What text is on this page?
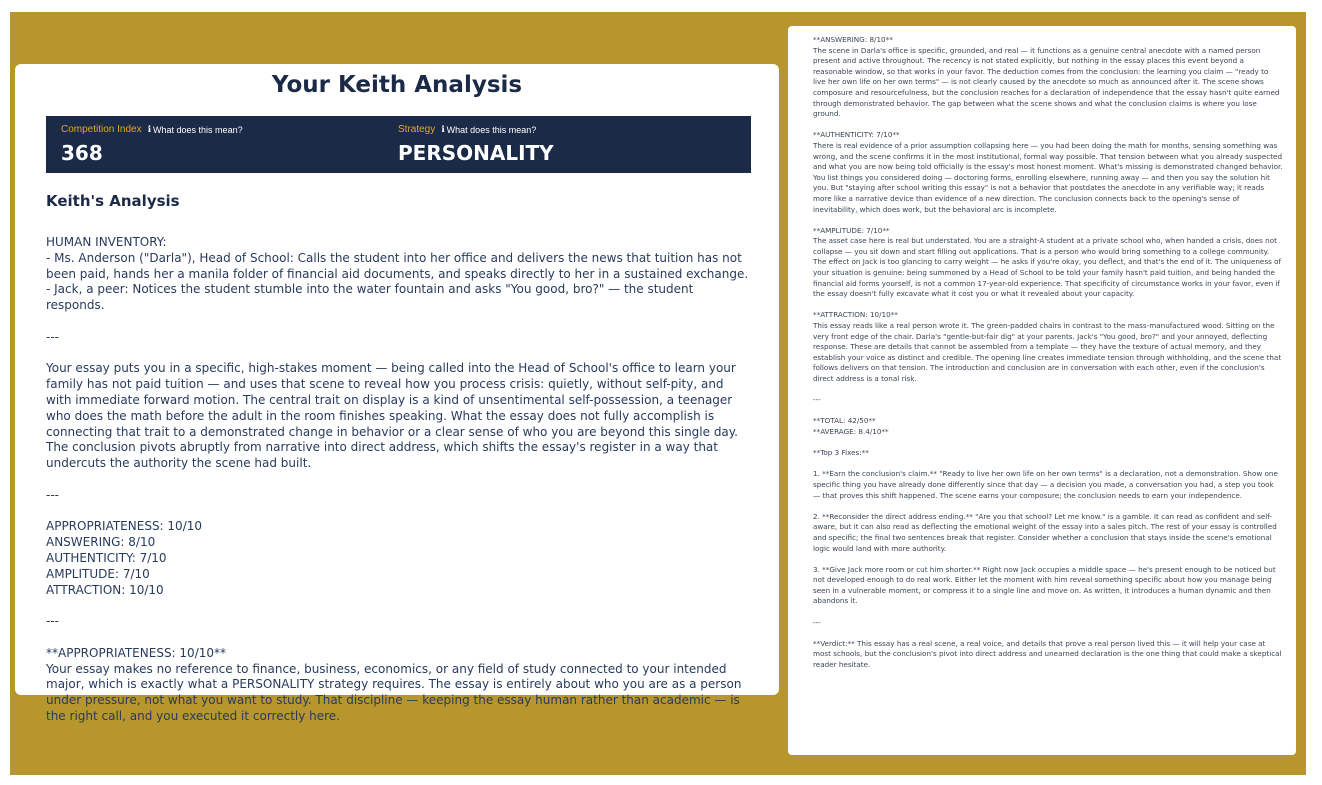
Your Keith Analysis
Competition Index ℹ What does this mean?
368
Strategy ℹ What does this mean?
PERSONALITY
Keith's Analysis

HUMAN INVENTORY:

- Ms. Anderson ("Darla"), Head of School: Calls the student into her office and delivers the news that tuition has not been paid, hands her a manila folder of financial aid documents, and speaks directly to her in a sustained exchange.

- Jack, a peer: Notices the student stumble into the water fountain and asks "You good, bro?" — the student responds.

---

Your essay puts you in a specific, high-stakes moment — being called into the Head of School's office to learn your family has not paid tuition — and uses that scene to reveal how you process crisis: quietly, without self-pity, and with immediate forward motion. The central trait on display is a kind of unsentimental self-possession, a teenager who does the math before the adult in the room finishes speaking. What the essay does not fully accomplish is connecting that trait to a demonstrated change in behavior or a clear sense of who you are beyond this single day. The conclusion pivots abruptly from narrative into direct address, which shifts the essay's register in a way that undercuts the authority the scene had built.

---

APPROPRIATENESS: 10/10

ANSWERING: 8/10

AUTHENTICITY: 7/10

AMPLITUDE: 7/10

ATTRACTION: 10/10

---

**APPROPRIATENESS: 10/10**

Your essay makes no reference to finance, business, economics, or any field of study connected to your intended major, which is exactly what a PERSONALITY strategy requires. The essay is entirely about who you are as a person under pressure, not what you want to study. That discipline — keeping the essay human rather than academic — is the right call, and you executed it correctly here.

**ANSWERING: 8/10**

The scene in Darla's office is specific, grounded, and real — it functions as a genuine central anecdote with a named person present and active throughout. The recency is not stated explicitly, but nothing in the essay places this event beyond a reasonable window, so that works in your favor. The deduction comes from the conclusion: the learning you claim — "ready to live her own life on her own terms" — is not clearly caused by the anecdote so much as announced after it. The scene shows composure and resourcefulness, but the conclusion reaches for a declaration of independence that the essay hasn't quite earned through demonstrated behavior. The gap between what the scene shows and what the conclusion claims is where you lose ground.

**AUTHENTICITY: 7/10**

There is real evidence of a prior assumption collapsing here — you had been doing the math for months, sensing something was wrong, and the scene confirms it in the most institutional, formal way possible. That tension between what you already suspected and what you are now being told officially is the essay's most honest moment. What's missing is demonstrated changed behavior. You list things you considered doing — doctoring forms, enrolling elsewhere, running away — and then you say the solution hit you. But "staying after school writing this essay" is not a behavior that postdates the anecdote in any verifiable way; it reads more like a narrative device than evidence of a new direction. The conclusion connects back to the opening's sense of inevitability, which does work, but the behavioral arc is incomplete.

**AMPLITUDE: 7/10**

The asset case here is real but understated. You are a straight-A student at a private school who, when handed a crisis, does not collapse — you sit down and start filling out applications. That is a person who would bring something to a college community. The effect on Jack is too glancing to carry weight — he asks if you're okay, you deflect, and that's the end of it. The uniqueness of your situation is genuine: being summoned by a Head of School to be told your family hasn't paid tuition, and being handed the financial aid forms yourself, is not a common 17-year-old experience. That specificity of circumstance works in your favor, even if the essay doesn't fully excavate what it cost you or what it revealed about your capacity.

**ATTRACTION: 10/10**

This essay reads like a real person wrote it. The green-padded chairs in contrast to the mass-manufactured wood. Sitting on the very front edge of the chair. Darla's "gentle-but-fair dig" at your parents. Jack's "You good, bro?" and your annoyed, deflecting response. These are details that cannot be assembled from a template — they have the texture of actual memory, and they establish your voice as distinct and credible. The opening line creates immediate tension through withholding, and the scene that follows delivers on that tension. The introduction and conclusion are in conversation with each other, even if the conclusion's direct address is a tonal risk.

---

**TOTAL: 42/50**

**AVERAGE: 8.4/10**

**Top 3 Fixes:**

1. **Earn the conclusion's claim.** "Ready to live her own life on her own terms" is a declaration, not a demonstration. Show one specific thing you have already done differently since that day — a decision you made, a conversation you had, a step you took — that proves this shift happened. The scene earns your composure; the conclusion needs to earn your independence.

2. **Reconsider the direct address ending.** "Are you that school? Let me know." is a gamble. It can read as confident and self-aware, but it can also read as deflecting the emotional weight of the essay into a sales pitch. The rest of your essay is controlled and specific; the final two sentences break that register. Consider whether a conclusion that stays inside the scene's emotional logic would land with more authority.

3. **Give Jack more room or cut him shorter.** Right now Jack occupies a middle space — he's present enough to be noticed but not developed enough to do real work. Either let the moment with him reveal something specific about how you manage being seen in a vulnerable moment, or compress it to a single line and move on. As written, it introduces a human dynamic and then abandons it.

---

**Verdict:** This essay has a real scene, a real voice, and details that prove a real person lived this — it will help your case at most schools, but the conclusion's pivot into direct address and unearned declaration is the one thing that could make a skeptical reader hesitate.
